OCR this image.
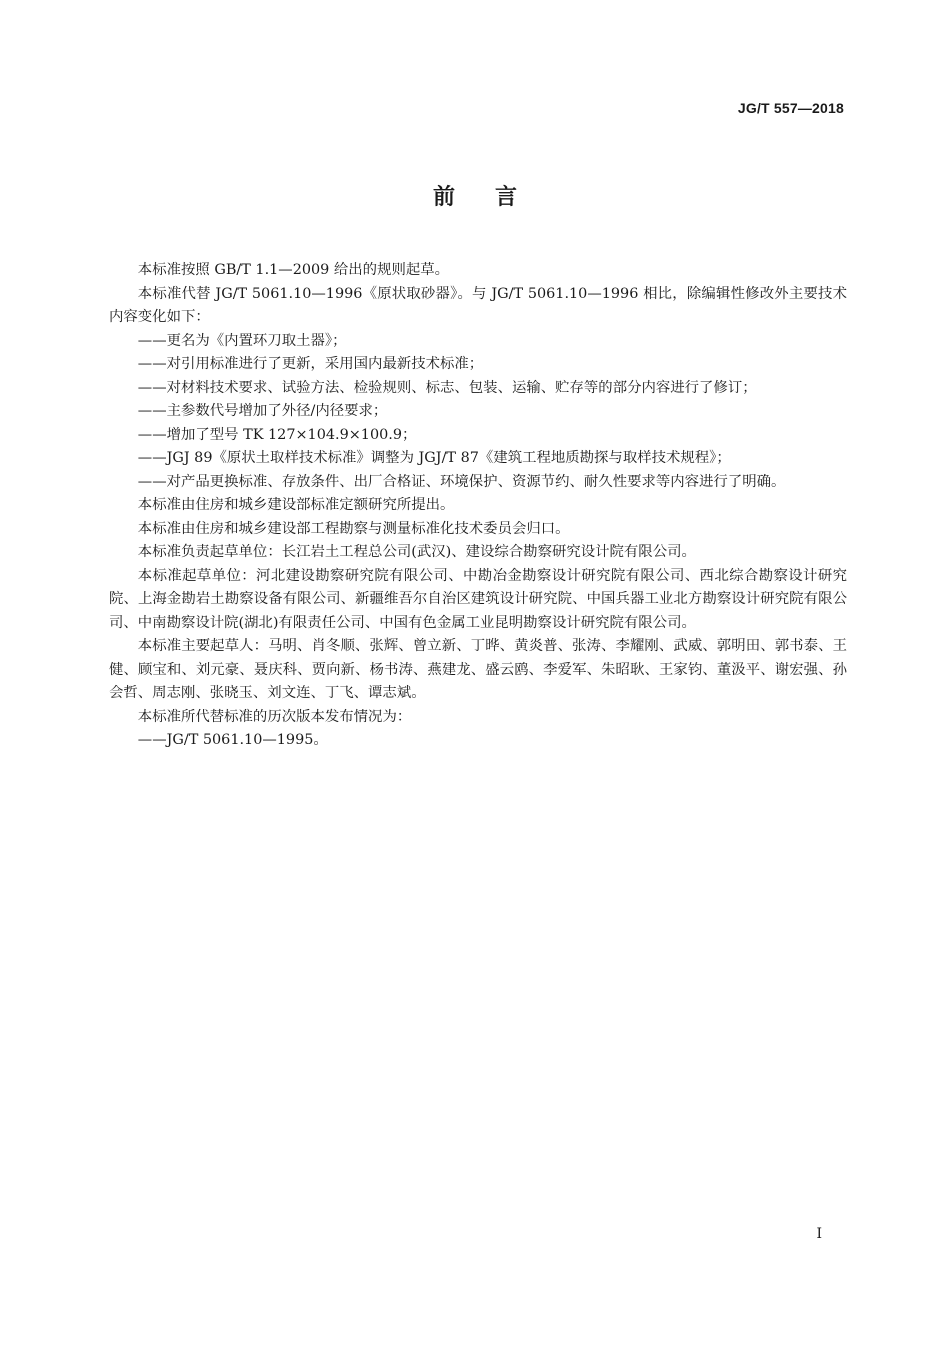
JG/T 557—2018
前言

本标准按照 GB/T 1.1—2009 给出的规则起草。

本标准代替 JG/T 5061.10—1996《原状取砂器》。与 JG/T 5061.10—1996 相比，除编辑性修改外主要技术内容变化如下：

——更名为《内置环刀取土器》；

——对引用标准进行了更新，采用国内最新技术标准；

——对材料技术要求、试验方法、检验规则、标志、包装、运输、贮存等的部分内容进行了修订；

——主参数代号增加了外径/内径要求；

——增加了型号 TK 127×104.9×100.9；

——JGJ 89《原状土取样技术标准》调整为 JGJ/T 87《建筑工程地质勘探与取样技术规程》；

——对产品更换标准、存放条件、出厂合格证、环境保护、资源节约、耐久性要求等内容进行了明确。

本标准由住房和城乡建设部标准定额研究所提出。

本标准由住房和城乡建设部工程勘察与测量标准化技术委员会归口。

本标准负责起草单位：长江岩土工程总公司(武汉)、建设综合勘察研究设计院有限公司。

本标准起草单位：河北建设勘察研究院有限公司、中勘冶金勘察设计研究院有限公司、西北综合勘察设计研究院、上海金勘岩土勘察设备有限公司、新疆维吾尔自治区建筑设计研究院、中国兵器工业北方勘察设计研究院有限公司、中南勘察设计院(湖北)有限责任公司、中国有色金属工业昆明勘察设计研究院有限公司。

本标准主要起草人：马明、肖冬顺、张辉、曾立新、丁晔、黄炎普、张涛、李耀刚、武威、郭明田、郭书泰、王健、顾宝和、刘元豪、聂庆科、贾向新、杨书涛、燕建龙、盛云鸥、李爱军、朱昭耿、王家钧、董汲平、谢宏强、孙会哲、周志刚、张晓玉、刘文连、丁飞、谭志斌。

本标准所代替标准的历次版本发布情况为：

——JG/T 5061.10—1995。

I
